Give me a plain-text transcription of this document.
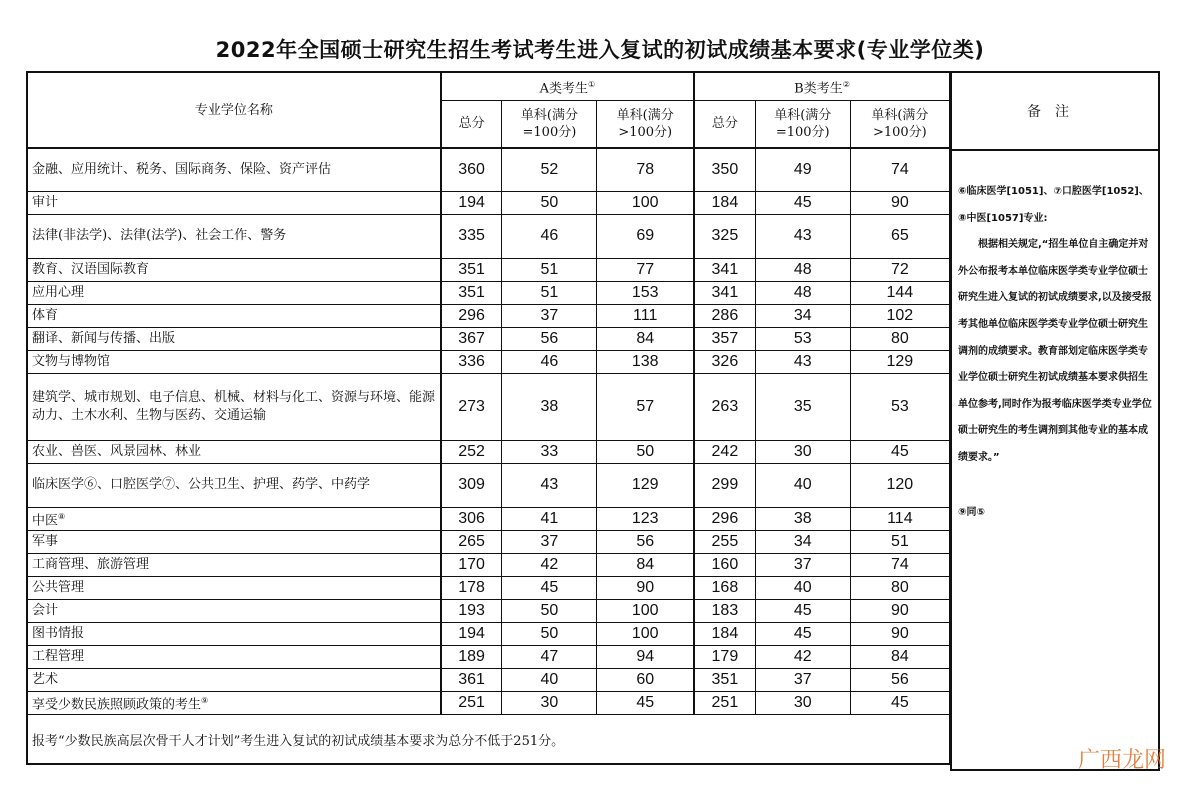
2022年全国硕士研究生招生考试考生进入复试的初试成绩基本要求(专业学位类)
专业学位名称	A类考生①			B类考生②
	总分	单科(满分=100分)	单科(满分>100分)	总分	单科(满分=100分)	单科(满分>100分)
金融、应用统计、税务、国际商务、保险、资产评估	360	52	78	350	49	74
审计	194	50	100	184	45	90
法律(非法学)、法律(法学)、社会工作、警务	335	46	69	325	43	65
教育、汉语国际教育	351	51	77	341	48	72
应用心理	351	51	153	341	48	144
体育	296	37	111	286	34	102
翻译、新闻与传播、出版	367	56	84	357	53	80
文物与博物馆	336	46	138	326	43	129
建筑学、城市规划、电子信息、机械、材料与化工、资源与环境、能源动力、土木水利、生物与医药、交通运输	273	38	57	263	35	53
农业、兽医、风景园林、林业	252	33	50	242	30	45
临床医学⑥、口腔医学⑦、公共卫生、护理、药学、中药学	309	43	129	299	40	120
中医⑧	306	41	123	296	38	114
军事	265	37	56	255	34	51
工商管理、旅游管理	170	42	84	160	37	74
公共管理	178	45	90	168	40	80
会计	193	50	100	183	45	90
图书情报	194	50	100	184	45	90
工程管理	189	47	94	179	42	84
艺术	361	40	60	351	37	56
享受少数民族照顾政策的考生⑨	251	30	45	251	30	45
报考“少数民族高层次骨干人才计划”考生进入复试的初试成绩基本要求为总分不低于251分。						
备注

⑥临床医学[1051]、⑦口腔医学[1052]、⑧中医[1057]专业:

根据相关规定,“招生单位自主确定并对外公布报考本单位临床医学类专业学位硕士研究生进入复试的初试成绩要求,以及接受报考其他单位临床医学类专业学位硕士研究生调剂的成绩要求。教育部划定临床医学类专业学位硕士研究生初试成绩基本要求供招生单位参考,同时作为报考临床医学类专业学位硕士研究生的考生调剂到其他专业的基本成绩要求。”

⑨同⑤

广西龙网
